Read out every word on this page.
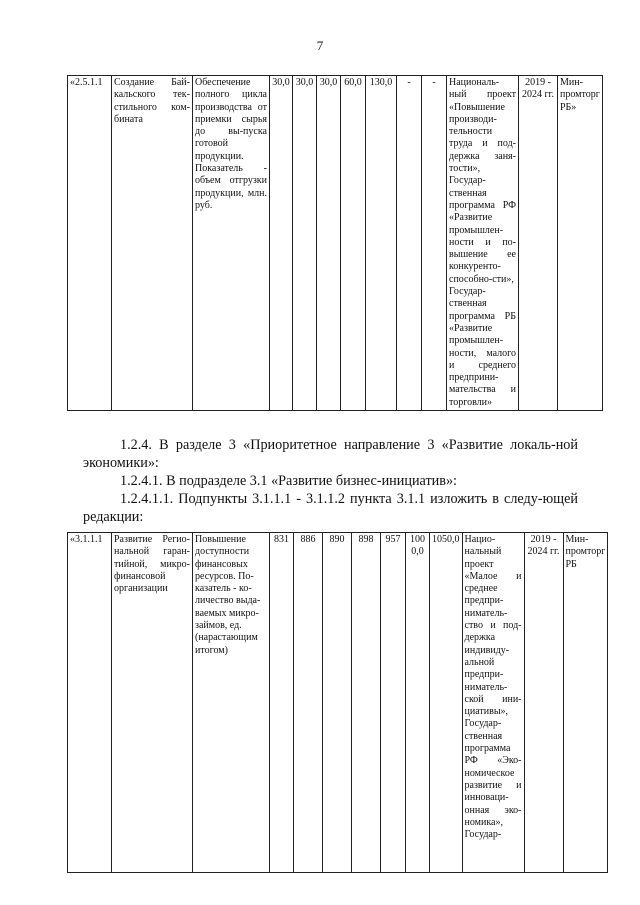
7
«2.5.1.1	Создание Бай-кальского тек-стильного ком-бината	Обеспечение полного цикла производства от приемки сырья до вы-пуска готовой продукции. Показатель - объем отгрузки продукции, млн. руб.	30,0	30,0	30,0	60,0	130,0	-	-	Националь-ный проект «Повышение производи-тельности труда и под-держка заня-тости», Государ-ственная программа РФ «Развитие промышлен-ности и по-вышение ее конкуренто-способно-сти», Государ-ственная программа РБ «Развитие промышлен-ности, малого и среднего предприни-мательства и торговли»	2019 - 2024 гг.	Мин-промторг РБ»
1.2.4. В разделе 3 «Приоритетное направление 3 «Развитие локаль-ной экономики»:
1.2.4.1. В подразделе 3.1 «Развитие бизнес-инициатив»:
1.2.4.1.1. Подпункты 3.1.1.1 - 3.1.1.2 пункта 3.1.1 изложить в следу-ющей редакции:
«3.1.1.1	Развитие Регио-нальной гаран-тийной, микро-финансовой организации	Повышение доступности финансовых ресурсов. По-казатель - ко-личество выда-ваемых микро-займов, ед. (нарастающим итогом)	831	886	890	898	957	100 0,0	1050,0	Нацио-нальный проект «Малое и среднее предпри-ниматель-ство и под-держка индивиду-альной предпри-ниматель-ской ини-циативы», Государ-ственная программа РФ «Эко-номическое развитие и инноваци-онная эко-номика», Государ-	2019 - 2024 гг.	Мин-промторг РБ
